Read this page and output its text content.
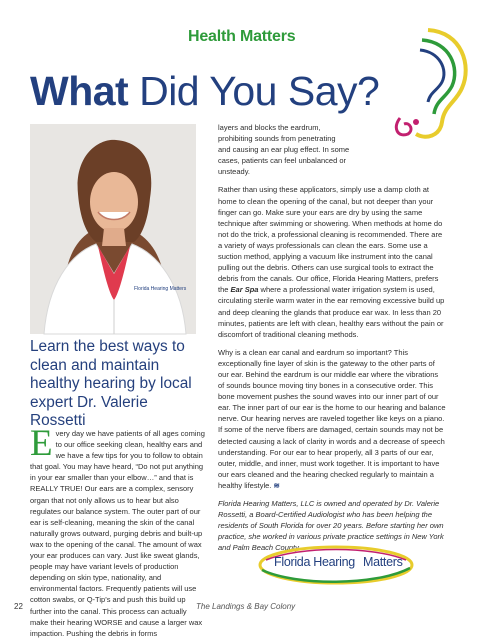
Health Matters
What Did You Say?
Florida Hearing Matters
Learn the best ways to clean and maintain healthy hearing by local expert Dr. Valerie Rossetti
Every day we have patients of all ages coming to our office seeking clean, healthy ears and we have a few tips for you to follow to obtain that goal. You may have heard, “Do not put anything in your ear smaller than your elbow…” and that is REALLY TRUE! Our ears are a complex, sensory organ that not only allows us to hear but also regulates our balance system. The outer part of our ear is self-cleaning, meaning the skin of the canal naturally grows outward, purging debris and built-up wax to the opening of the canal. The amount of wax your ear produces can vary. Just like sweat glands, people may have variant levels of production depending on skin type, nationality, and environmental factors. Frequently patients will use cotton swabs, or Q-Tip’s and push this build up further into the canal. This process can actually make their hearing WORSE and cause a larger wax impaction. Pushing the debris in forms

layers and blocks the eardrum, prohibiting sounds from penetrating and causing an ear plug effect. In some cases, patients can feel unbalanced or unsteady.

Rather than using these applicators, simply use a damp cloth at home to clean the opening of the canal, but not deeper than your finger can go. Make sure your ears are dry by using the same technique after swimming or showering. When methods at home do not do the trick, a professional cleaning is recommended. There are a variety of ways professionals can clean the ears. Some use a suction method, applying a vacuum like instrument into the canal pulling out the debris. Others can use surgical tools to extract the debris from the canals. Our office, Florida Hearing Matters, prefers the Ear Spa where a professional water irrigation system is used, circulating sterile warm water in the ear removing excessive build up and deep cleaning the glands that produce ear wax. In less than 20 minutes, patients are left with clean, healthy ears without the pain or discomfort of traditional cleaning methods.

Why is a clean ear canal and eardrum so important? This exceptionally fine layer of skin is the gateway to the other parts of our ear. Behind the eardrum is our middle ear where the vibrations of sounds bounce moving tiny bones in a consecutive order. This bone movement pushes the sound waves into our inner part of our ear. The inner part of our ear is the home to our hearing and balance nerve. Our hearing nerves are raveled together like keys on a piano. If some of the nerve fibers are damaged, certain sounds may not be detected causing a lack of clarity in words and a decrease of speech understanding. For our ear to hear properly, all 3 parts of our ear, outer, middle, and inner, must work together. It is important to have our ears cleaned and the hearing checked regularly to maintain a healthy lifestyle. ≋

Florida Hearing Matters, LLC is owned and operated by Dr. Valerie Rossetti, a Board-Certified Audiologist who has been helping the residents of South Florida for over 20 years. Before starting her own practice, she worked in various private practice settings in New York and Palm Beach County.

Florida Hearing Matters
22	The Landings & Bay Colony
